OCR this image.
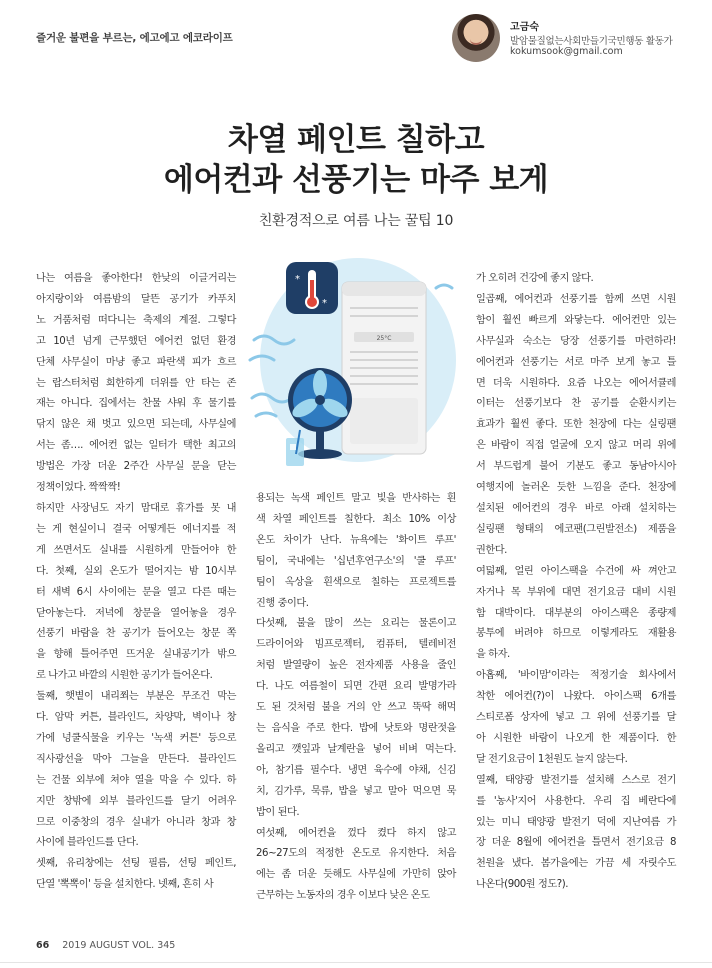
즐거운 불편을 부르는, 에고에고 에코라이프
고금숙
발암물질없는사회만들기국민행동 활동가
kokumsook@gmail.com
차열 페인트 칠하고
에어컨과 선풍기는 마주 보게
친환경적으로 여름 나는 꿀팁 10

나는 여름을 좋아한다! 한낮의 이글거리는

아지랑이와 여름밤의 달뜬 공기가 카푸치

노 거품처럼 떠다니는 축제의 계절. 그렇다

고 10년 넘게 근무했던 에어컨 없던 환경

단체 사무실이 마냥 좋고 파란색 피가 흐르

는 랍스터처럼 희한하게 더위를 안 타는 존

재는 아니다. 집에서는 찬물 샤워 후 물기를

닦지 않은 채 벗고 있으면 되는데, 사무실에

서는 좀…. 에어컨 없는 일터가 택한 최고의

방법은 가장 더운 2주간 사무실 문을 닫는

정책이었다. 짝짝짝!

하지만 사장님도 자기 맘대로 휴가를 못 내

는 게 현실이니 결국 어떻게든 에너지를 적

게 쓰면서도 실내를 시원하게 만들어야 한

다. 첫째, 실외 온도가 떨어지는 밤 10시부

터 새벽 6시 사이에는 문을 열고 다른 때는

닫아놓는다. 저녁에 창문을 열어놓을 경우

선풍기 바람을 찬 공기가 들어오는 창문 쪽

을 향해 틀어주면 뜨거운 실내공기가 밖으

로 나가고 바깥의 시원한 공기가 들어온다.

둘째, 햇볕이 내리쬐는 부분은 무조건 막는

다. 암막 커튼, 블라인드, 차양막, 벽이나 창

가에 넝쿨식물을 키우는 '녹색 커튼' 등으로

직사광선을 막아 그늘을 만든다. 블라인드

는 건물 외부에 쳐야 열을 막을 수 있다. 하

지만 창밖에 외부 블라인드를 달기 어려우

므로 이중창의 경우 실내가 아니라 창과 창

사이에 블라인드를 단다.

셋째, 유리창에는 선팅 필름, 선팅 페인트,

단열 '뽁뽁이' 등을 설치한다. 넷째, 흔히 사

25°C
*
*

용되는 녹색 페인트 말고 빛을 반사하는 흰

색 차열 페인트를 칠한다. 최소 10% 이상

온도 차이가 난다. 뉴욕에는 '화이트 루프'

팀이, 국내에는 '십년후연구소'의 '쿨 루프'

팀이 옥상을 흰색으로 칠하는 프로젝트를

진행 중이다.

다섯째, 불을 많이 쓰는 요리는 물론이고

드라이어와 빔프로젝터, 컴퓨터, 텔레비전

처럼 발열량이 높은 전자제품 사용을 줄인

다. 나도 여름철이 되면 간편 요리 발명가라

도 된 것처럼 불을 거의 안 쓰고 뚝딱 해먹

는 음식을 주로 한다. 밥에 낫토와 명란젓을

올리고 깻잎과 날계란을 넣어 비벼 먹는다.

아, 참기름 필수다. 냉면 육수에 야채, 신김

치, 김가루, 묵류, 밥을 넣고 말아 먹으면 묵

밥이 된다.

여섯째, 에어컨을 껐다 켰다 하지 않고

26~27도의 적정한 온도로 유지한다. 처음

에는 좀 더운 듯해도 사무실에 가만히 앉아

근무하는 노동자의 경우 이보다 낮은 온도

가 오히려 건강에 좋지 않다.

일곱째, 에어컨과 선풍기를 함께 쓰면 시원

함이 훨씬 빠르게 와닿는다. 에어컨만 있는

사무실과 숙소는 당장 선풍기를 마련하라!

에어컨과 선풍기는 서로 마주 보게 놓고 틀

면 더욱 시원하다. 요즘 나오는 에어서큘레

이터는 선풍기보다 찬 공기를 순환시키는

효과가 훨씬 좋다. 또한 천장에 다는 실링팬

은 바람이 직접 얼굴에 오지 않고 머리 위에

서 부드럽게 불어 기분도 좋고 동남아시아

여행지에 놀러온 듯한 느낌을 준다. 천장에

설치된 에어컨의 경우 바로 아래 설치하는

실링팬 형태의 에코팬(그린발전소) 제품을

권한다.

여덟째, 얼린 아이스팩을 수건에 싸 껴안고

자거나 목 부위에 대면 전기요금 대비 시원

함 대박이다. 대부분의 아이스팩은 종량제

봉투에 버려야 하므로 이렇게라도 재활용

을 하자.

아홉째, '바이맘'이라는 적정기술 회사에서

착한 에어컨(?)이 나왔다. 아이스팩 6개를

스티로폼 상자에 넣고 그 위에 선풍기를 달

아 시원한 바람이 나오게 한 제품이다. 한

달 전기요금이 1천원도 늘지 않는다.

열째, 태양광 발전기를 설치해 스스로 전기

를 '농사'지어 사용한다. 우리 집 베란다에

있는 미니 태양광 발전기 덕에 지난여름 가

장 더운 8월에 에어컨을 틀면서 전기요금 8

천원을 냈다. 봄가을에는 가끔 세 자릿수도

나온다(900원 정도?).

66 2019 AUGUST VOL. 345
